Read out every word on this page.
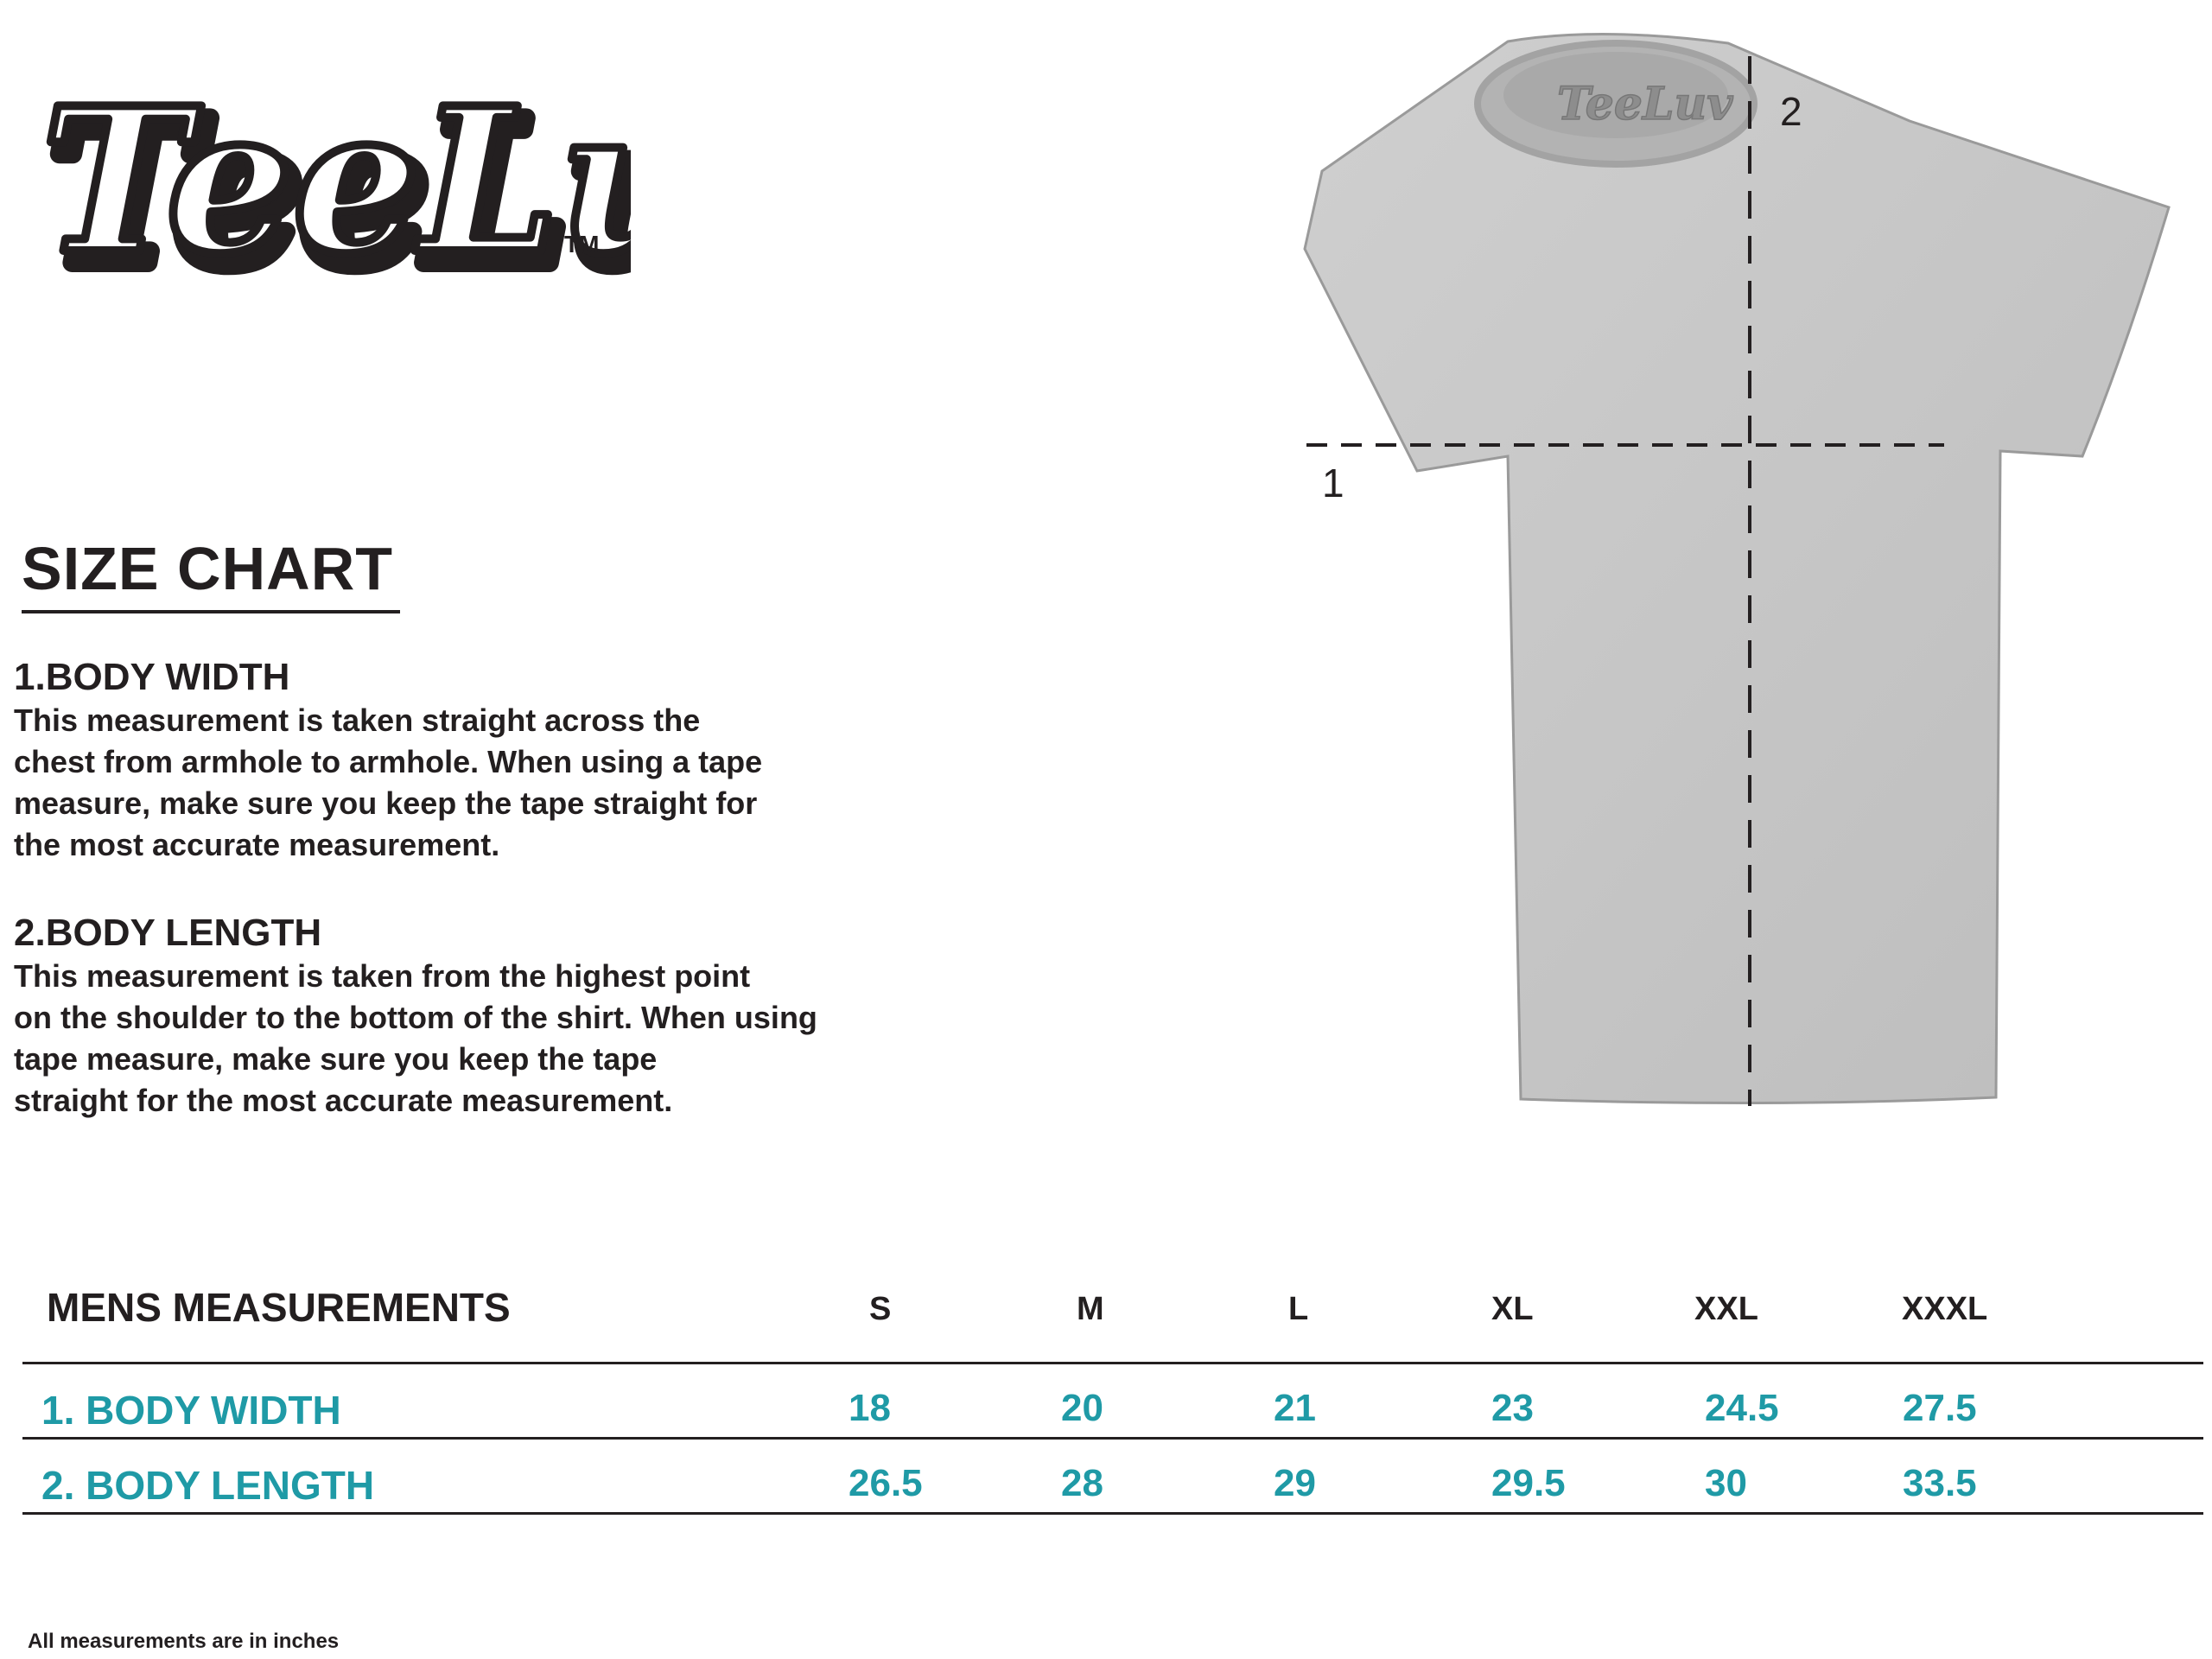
TeeL
TeeL TM
SIZE CHART
1.BODY WIDTH

This measurement is taken straight across the

chest from armhole to armhole. When using a tape

measure, make sure you keep the tape straight for

the most accurate measurement.

2.BODY LENGTH

This measurement is taken from the highest point

on the shoulder to the bottom of the shirt. When using

tape measure, make sure you keep the tape

straight for the most accurate measurement.

TeeLuv
1
2
MENS MEASUREMENTS	S	M	L	XL	XXL	XXXL
1. BODY WIDTH	18	20	21	23	24.5	27.5
2. BODY LENGTH	26.5	28	29	29.5	30	33.5
All measurements are in inches
